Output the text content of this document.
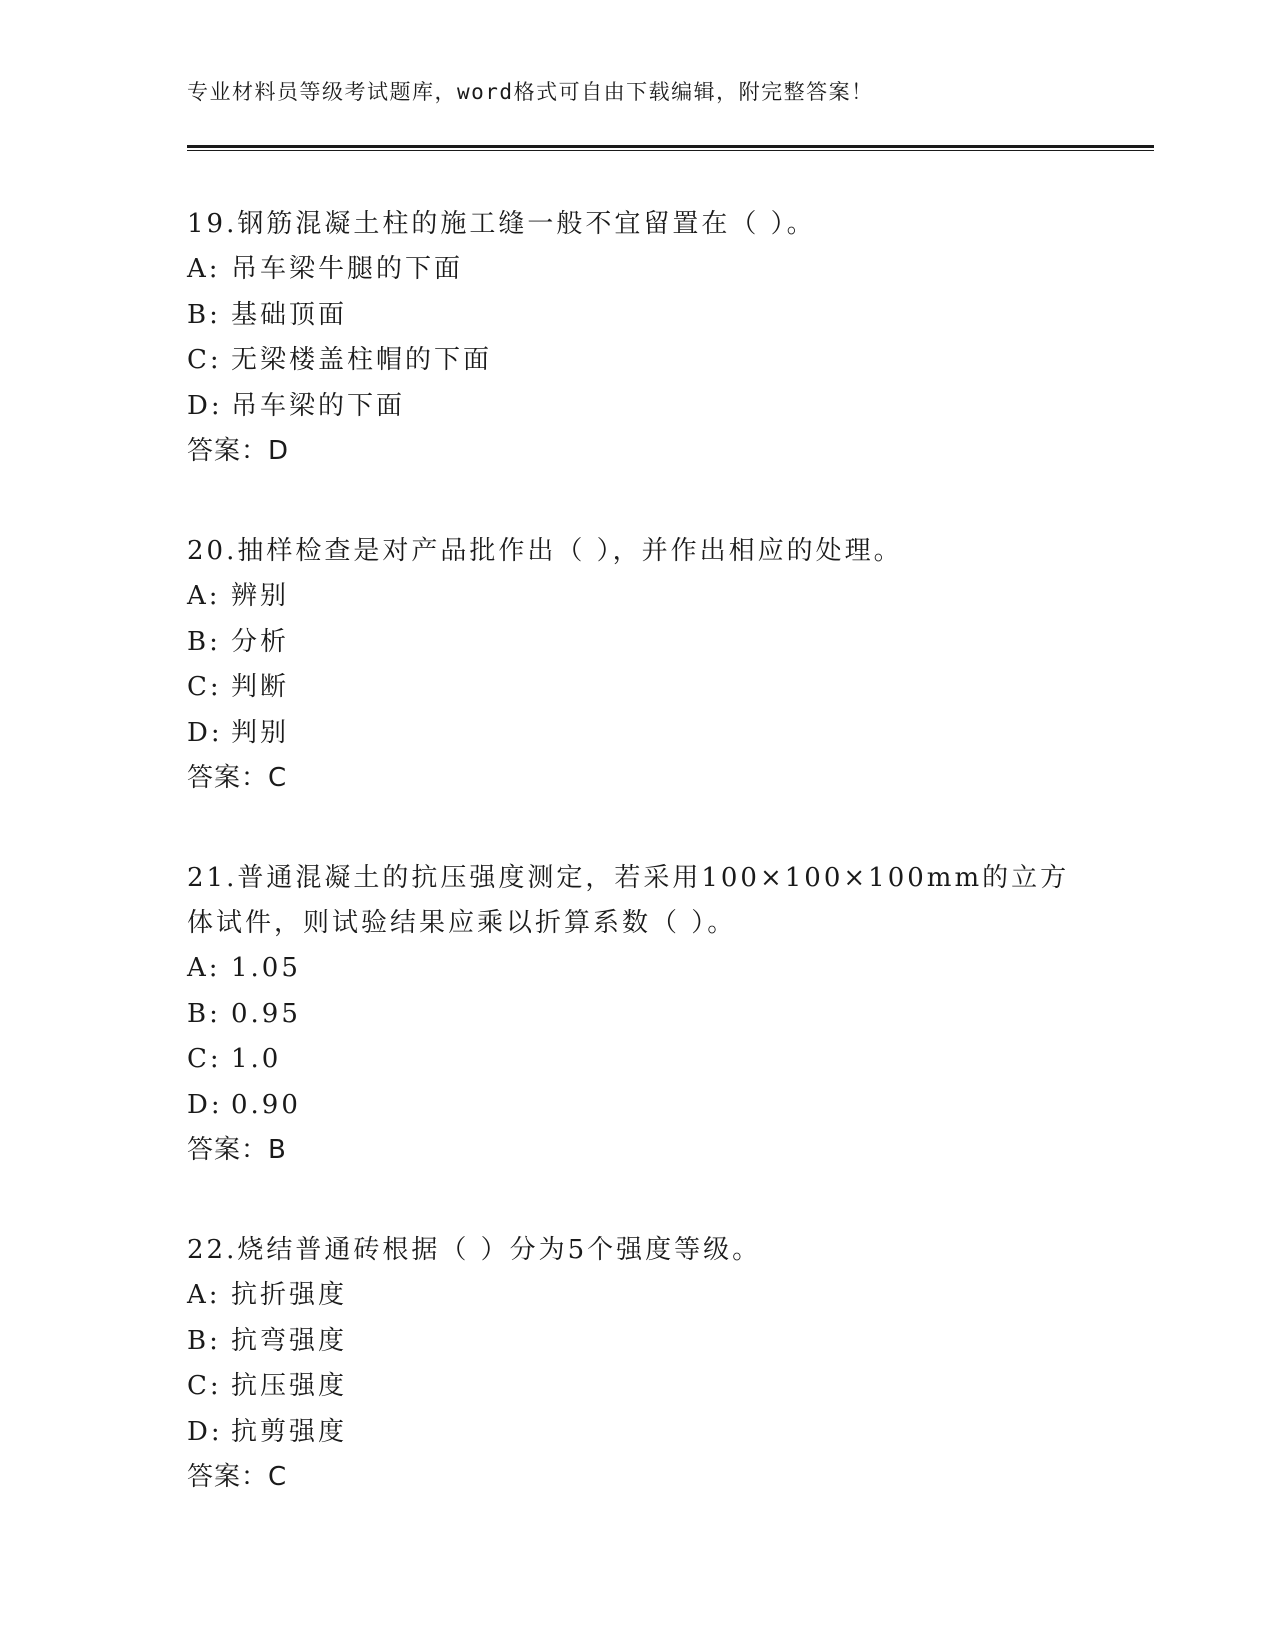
专业材料员等级考试题库，word格式可自由下载编辑，附完整答案！
19.钢筋混凝土柱的施工缝一般不宜留置在（ ）。
A: 吊车梁牛腿的下面
B: 基础顶面
C: 无梁楼盖柱帽的下面
D: 吊车梁的下面
答案：D
20.抽样检查是对产品批作出（ ），并作出相应的处理。
A: 辨别
B: 分析
C: 判断
D: 判别
答案：C
21.普通混凝土的抗压强度测定，若采用100×100×100mm的立方体试件，则试验结果应乘以折算系数（ ）。
A: 1.05
B: 0.95
C: 1.0
D: 0.90
答案：B
22.烧结普通砖根据（ ）分为5个强度等级。
A: 抗折强度
B: 抗弯强度
C: 抗压强度
D: 抗剪强度
答案：C
